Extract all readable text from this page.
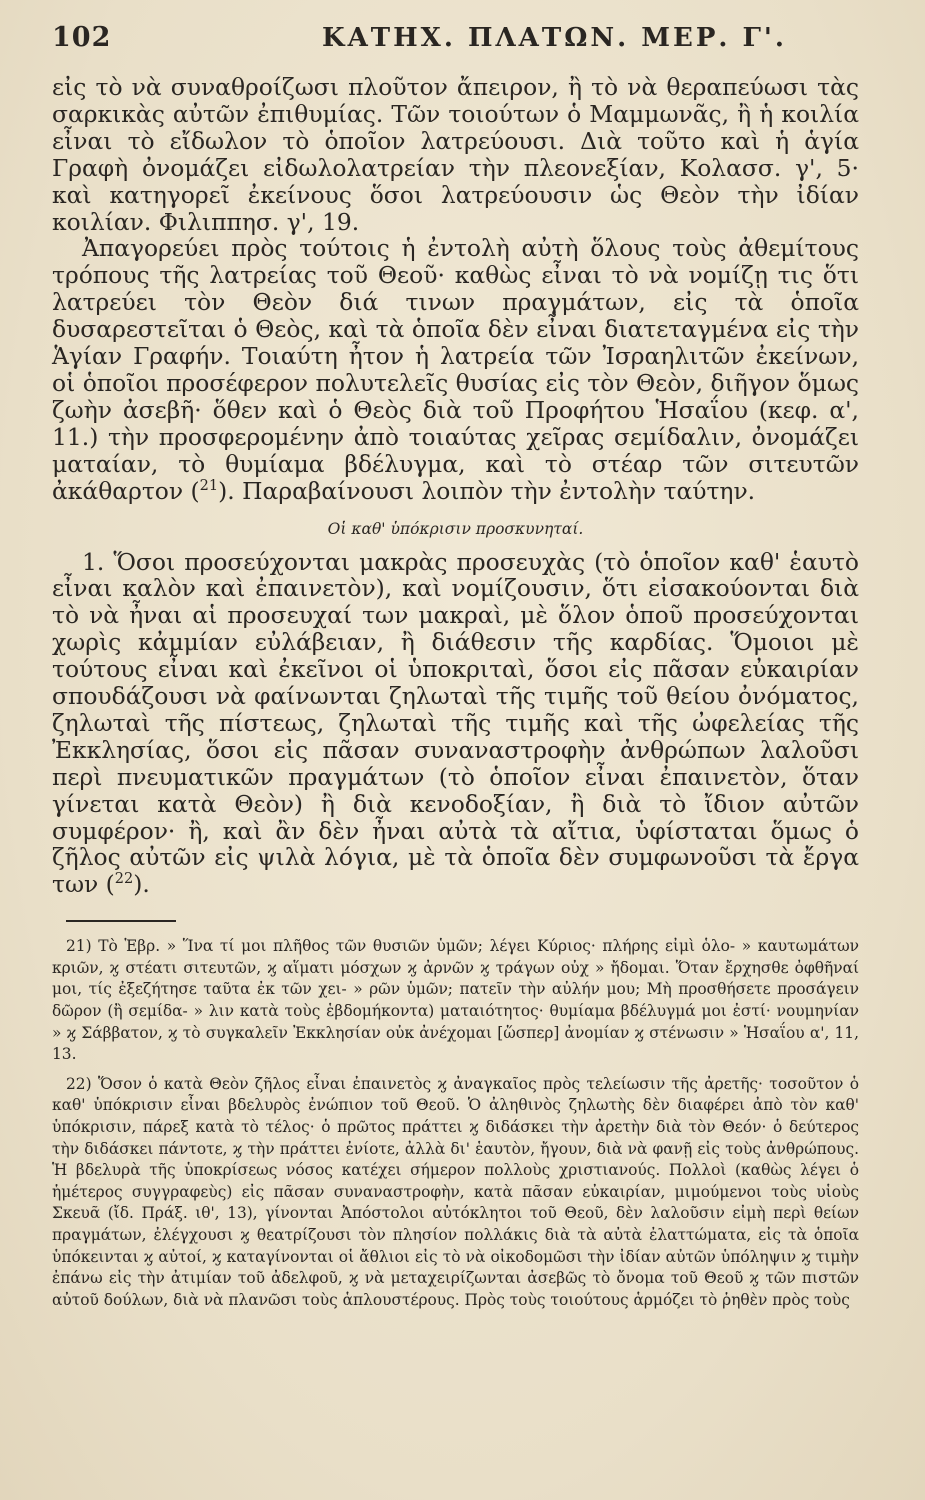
102	ΚΑΤΗΧ. ΠΛΑΤΩΝ. ΜΕΡ. Γ'.

εἰς τὸ νὰ συναθροίζωσι πλοῦτον ἄπειρον, ἢ τὸ νὰ θεραπεύωσι τὰς σαρκικὰς αὐτῶν ἐπιθυμίας. Τῶν τοιούτων ὁ Μαμμωνᾶς, ἢ ἡ κοιλία εἶναι τὸ εἴδωλον τὸ ὁποῖον λατρεύουσι. Διὰ τοῦτο καὶ ἡ ἁγία Γραφὴ ὀνομάζει εἰδωλολατρείαν τὴν πλεονεξίαν, Κολασσ. γ', 5· καὶ κατηγορεῖ ἐκείνους ὅσοι λατρεύουσιν ὡς Θεὸν τὴν ἰδίαν κοιλίαν. Φιλιππησ. γ', 19.

Ἀπαγορεύει πρὸς τούτοις ἡ ἐντολὴ αὐτὴ ὅλους τοὺς ἀθεμίτους τρόπους τῆς λατρείας τοῦ Θεοῦ· καθὼς εἶναι τὸ νὰ νομίζῃ τις ὅτι λατρεύει τὸν Θεὸν διά τινων πραγμάτων, εἰς τὰ ὁποῖα δυσαρεστεῖται ὁ Θεὸς, καὶ τὰ ὁποῖα δὲν εἶναι διατεταγμένα εἰς τὴν Ἁγίαν Γραφήν. Τοιαύτη ἦτον ἡ λατρεία τῶν Ἰσραηλιτῶν ἐκείνων, οἱ ὁποῖοι προσέφερον πολυτελεῖς θυσίας εἰς τὸν Θεὸν, διῆγον ὅμως ζωὴν ἀσεβῆ· ὅθεν καὶ ὁ Θεὸς διὰ τοῦ Προφήτου Ἡσαΐου (κεφ. α', 11.) τὴν προσφερομένην ἀπὸ τοιαύτας χεῖρας σεμίδαλιν, ὀνομάζει ματαίαν, τὸ θυμίαμα βδέλυγμα, καὶ τὸ στέαρ τῶν σιτευτῶν ἀκάθαρτον ($^{21}$). Παραβαίνουσι λοιπὸν τὴν ἐντολὴν ταύτην.

Οἱ καθ' ὑπόκρισιν προσκυνηταί.

1. Ὅσοι προσεύχονται μακρὰς προσευχὰς (τὸ ὁποῖον καθ' ἑαυτὸ εἶναι καλὸν καὶ ἐπαινετὸν), καὶ νομίζουσιν, ὅτι εἰσακούονται διὰ τὸ νὰ ἦναι αἱ προσευχαί των μακραὶ, μὲ ὅλον ὁποῦ προσεύχονται χωρὶς κἀμμίαν εὐλάβειαν, ἢ διάθεσιν τῆς καρδίας. Ὅμοιοι μὲ τούτους εἶναι καὶ ἐκεῖνοι οἱ ὑποκριταὶ, ὅσοι εἰς πᾶσαν εὐκαιρίαν σπουδάζουσι νὰ φαίνωνται ζηλωταὶ τῆς τιμῆς τοῦ θείου ὀνόματος, ζηλωταὶ τῆς πίστεως, ζηλωταὶ τῆς τιμῆς καὶ τῆς ὠφελείας τῆς Ἐκκλησίας, ὅσοι εἰς πᾶσαν συναναστροφὴν ἀνθρώπων λαλοῦσι περὶ πνευματικῶν πραγμάτων (τὸ ὁποῖον εἶναι ἐπαινετὸν, ὅταν γίνεται κατὰ Θεὸν) ἢ διὰ κενοδοξίαν, ἢ διὰ τὸ ἴδιον αὐτῶν συμφέρον· ἢ, καὶ ἂν δὲν ἦναι αὐτὰ τὰ αἴτια, ὑφίσταται ὅμως ὁ ζῆλος αὐτῶν εἰς ψιλὰ λόγια, μὲ τὰ ὁποῖα δὲν συμφωνοῦσι τὰ ἔργα των ($^{22}$).

21) Τὸ Ἑβρ. » Ἵνα τί μοι πλῆθος τῶν θυσιῶν ὑμῶν; λέγει Κύριος· πλήρης εἰμὶ ὁλο- » καυτωμάτων κριῶν, ϗ στέατι σιτευτῶν, ϗ αἵματι μόσχων ϗ ἀρνῶν ϗ τράγων οὐχ » ἤδομαι. Ὅταν ἔρχησθε ὀφθῆναί μοι, τίς ἐξεζήτησε ταῦτα ἐκ τῶν χει- » ρῶν ὑμῶν; πατεῖν τὴν αὐλήν μου; Μὴ προσθήσετε προσάγειν δῶρον (ἢ σεμίδα- » λιν κατὰ τοὺς ἑβδομήκοντα) ματαιότητος· θυμίαμα βδέλυγμά μοι ἐστί· νουμηνίαν » ϗ Σάββατον, ϗ τὸ συγκαλεῖν Ἐκκλησίαν οὐκ ἀνέχομαι [ὥσπερ] ἀνομίαν ϗ στένωσιν » Ἡσαΐου α', 11, 13.

22) Ὅσον ὁ κατὰ Θεὸν ζῆλος εἶναι ἐπαινετὸς ϗ ἀναγκαῖος πρὸς τελείωσιν τῆς ἀρετῆς· τοσοῦτον ὁ καθ' ὑπόκρισιν εἶναι βδελυρὸς ἐνώπιον τοῦ Θεοῦ. Ὁ ἀληθινὸς ζηλωτὴς δὲν διαφέρει ἀπὸ τὸν καθ' ὑπόκρισιν, πάρεξ κατὰ τὸ τέλος· ὁ πρῶτος πράττει ϗ διδάσκει τὴν ἀρετὴν διὰ τὸν Θεόν· ὁ δεύτερος τὴν διδάσκει πάντοτε, ϗ τὴν πράττει ἐνίοτε, ἀλλὰ δι' ἑαυτὸν, ἤγουν, διὰ νὰ φανῇ εἰς τοὺς ἀνθρώπους. Ἡ βδελυρὰ τῆς ὑποκρίσεως νόσος κατέχει σήμερον πολλοὺς χριστιανούς. Πολλοὶ (καθὼς λέγει ὁ ἡμέτερος συγγραφεὺς) εἰς πᾶσαν συναναστροφὴν, κατὰ πᾶσαν εὐκαιρίαν, μιμούμενοι τοὺς υἱοὺς Σκευᾶ (ἴδ. Πράξ. ιθ', 13), γίνονται Ἀπόστολοι αὐτόκλητοι τοῦ Θεοῦ, δὲν λαλοῦσιν εἰμὴ περὶ θείων πραγμάτων, ἐλέγχουσι ϗ θεατρίζουσι τὸν πλησίον πολλάκις διὰ τὰ αὐτὰ ἐλαττώματα, εἰς τὰ ὁποῖα ὑπόκεινται ϗ αὐτοί, ϗ καταγίνονται οἱ ἄθλιοι εἰς τὸ νὰ οἰκοδομῶσι τὴν ἰδίαν αὐτῶν ὑπόληψιν ϗ τιμὴν ἐπάνω εἰς τὴν ἀτιμίαν τοῦ ἀδελφοῦ, ϗ νὰ μεταχειρίζωνται ἀσεβῶς τὸ ὄνομα τοῦ Θεοῦ ϗ τῶν πιστῶν αὐτοῦ δούλων, διὰ νὰ πλανῶσι τοὺς ἁπλουστέρους. Πρὸς τοὺς τοιούτους ἁρμόζει τὸ ῥηθὲν πρὸς τοὺς
